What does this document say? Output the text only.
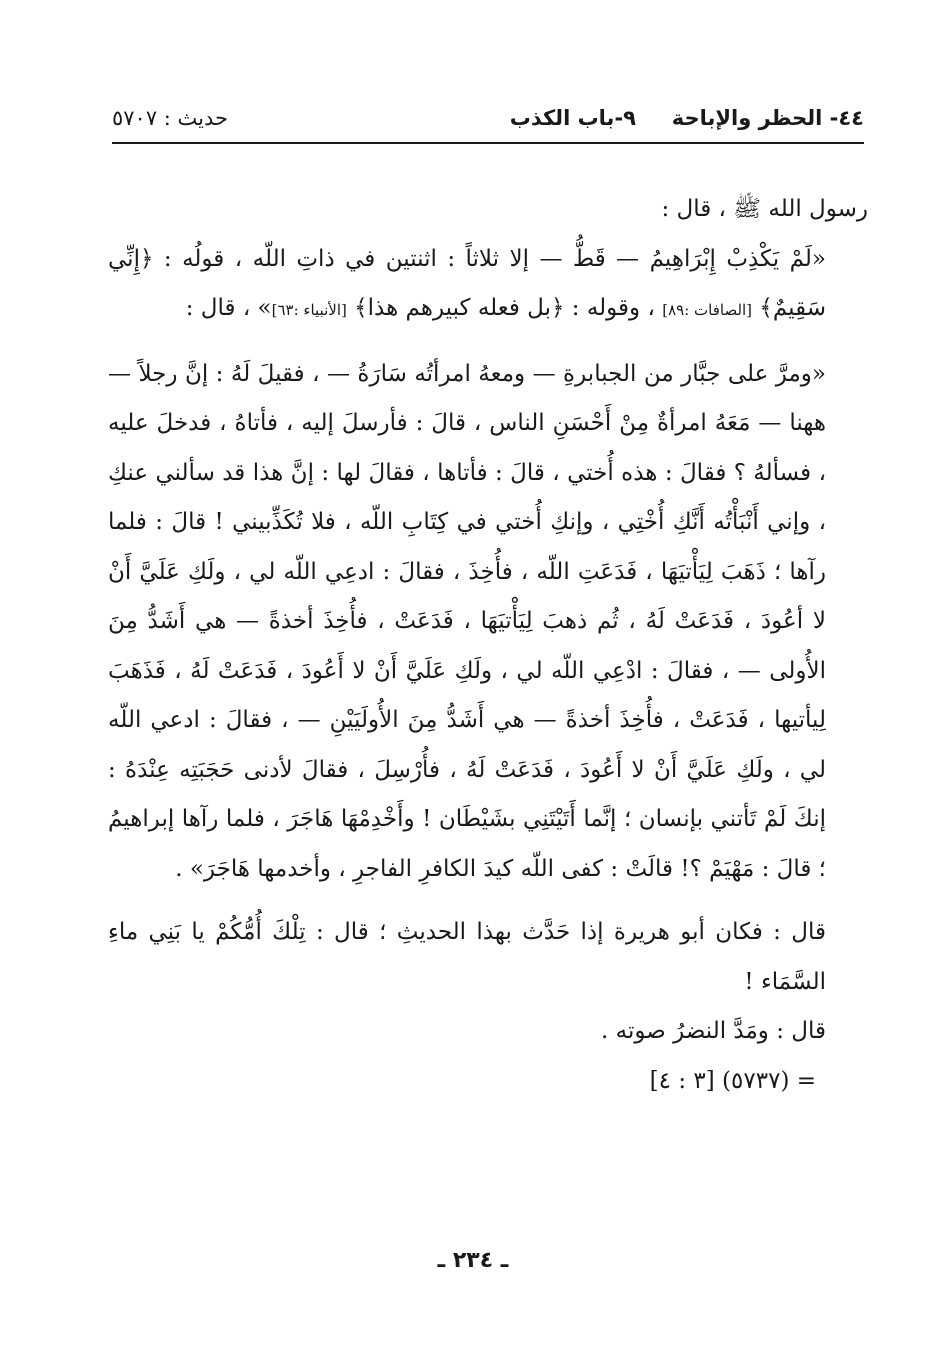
٤٤- الحظر والإباحة
٩-باب الكذب
حديث : ٥٧٠٧

رسول الله ﷺ ، قال :

«لَمْ يَكْذِبْ إِبْرَاهِيمُ — قَطُّ — إلا ثلاثاً : اثنتين في ذاتِ اللّه ، قولُه : ﴿إِنِّي سَقِيمٌ﴾ [الصافات :٨٩] ، وقوله : ﴿بل فعله كبيرهم هذا﴾ [الأنبياء :٦٣]» ، قال :

«ومرَّ على جبَّار من الجبابرةِ — ومعهُ امرأتُه سَارَةُ — ، فقيلَ لَهُ : إنَّ رجلاً — ههنا — مَعَهُ امرأةٌ مِنْ أَحْسَنِ الناس ، قالَ : فأرسلَ إليه ، فأتاهُ ، فدخلَ عليه ، فسألهُ ؟ فقالَ : هذه أُختي ، قالَ : فأتاها ، فقالَ لها : إنَّ هذا قد سألني عنكِ ، وإني أَنْبَأْتُه أَنَّكِ أُخْتِي ، وإنكِ أُختي في كِتَابِ اللّه ، فلا تُكَذِّبيني ! قالَ : فلما رآها ؛ ذَهَبَ لِيَأْتيَهَا ، فَدَعَتِ اللّه ، فأُخِذَ ، فقالَ : ادعِي اللّه لي ، ولَكِ عَلَيَّ أَنْ لا أعُودَ ، فَدَعَتْ لَهُ ، ثُم ذهبَ لِيَأْتيَهَا ، فَدَعَتْ ، فأُخِذَ أخذةً — هي أَشَدُّ مِنَ الأُولى — ، فقالَ : ادْعِي اللّه لي ، ولَكِ عَلَيَّ أَنْ لا أَعُودَ ، فَدَعَتْ لَهُ ، فَذَهَبَ لِيأتيها ، فَدَعَتْ ، فأُخِذَ أخذةً — هي أَشَدُّ مِنَ الأُولَيَيْنِ — ، فقالَ : ادعي اللّه لي ، ولَكِ عَلَيَّ أَنْ لا أَعُودَ ، فَدَعَتْ لَهُ ، فأُرْسِلَ ، فقالَ لأدنى حَجَبَتِه عِنْدَهُ : إنكَ لَمْ تَأتني بإنسان ؛ إنَّما أَتَيْتَنِي بشَيْطَان ! وأَخْدِمْهَا هَاجَرَ ، فلما رآها إبراهيمُ ؛ قالَ : مَهْيَمْ ؟! قالَتْ : كفى اللّه كيدَ الكافرِ الفاجرِ ، وأخدمها هَاجَرَ» .

قال : فكان أبو هريرة إذا حَدَّث بهذا الحديثِ ؛ قال : تِلْكَ أُمُّكُمْ يا بَنِي ماءِ السَّمَاء !

قال : ومَدَّ النضرُ صوته .

= (٥٧٣٧) [٣ : ٤]

ـ ٢٣٤ ـ
